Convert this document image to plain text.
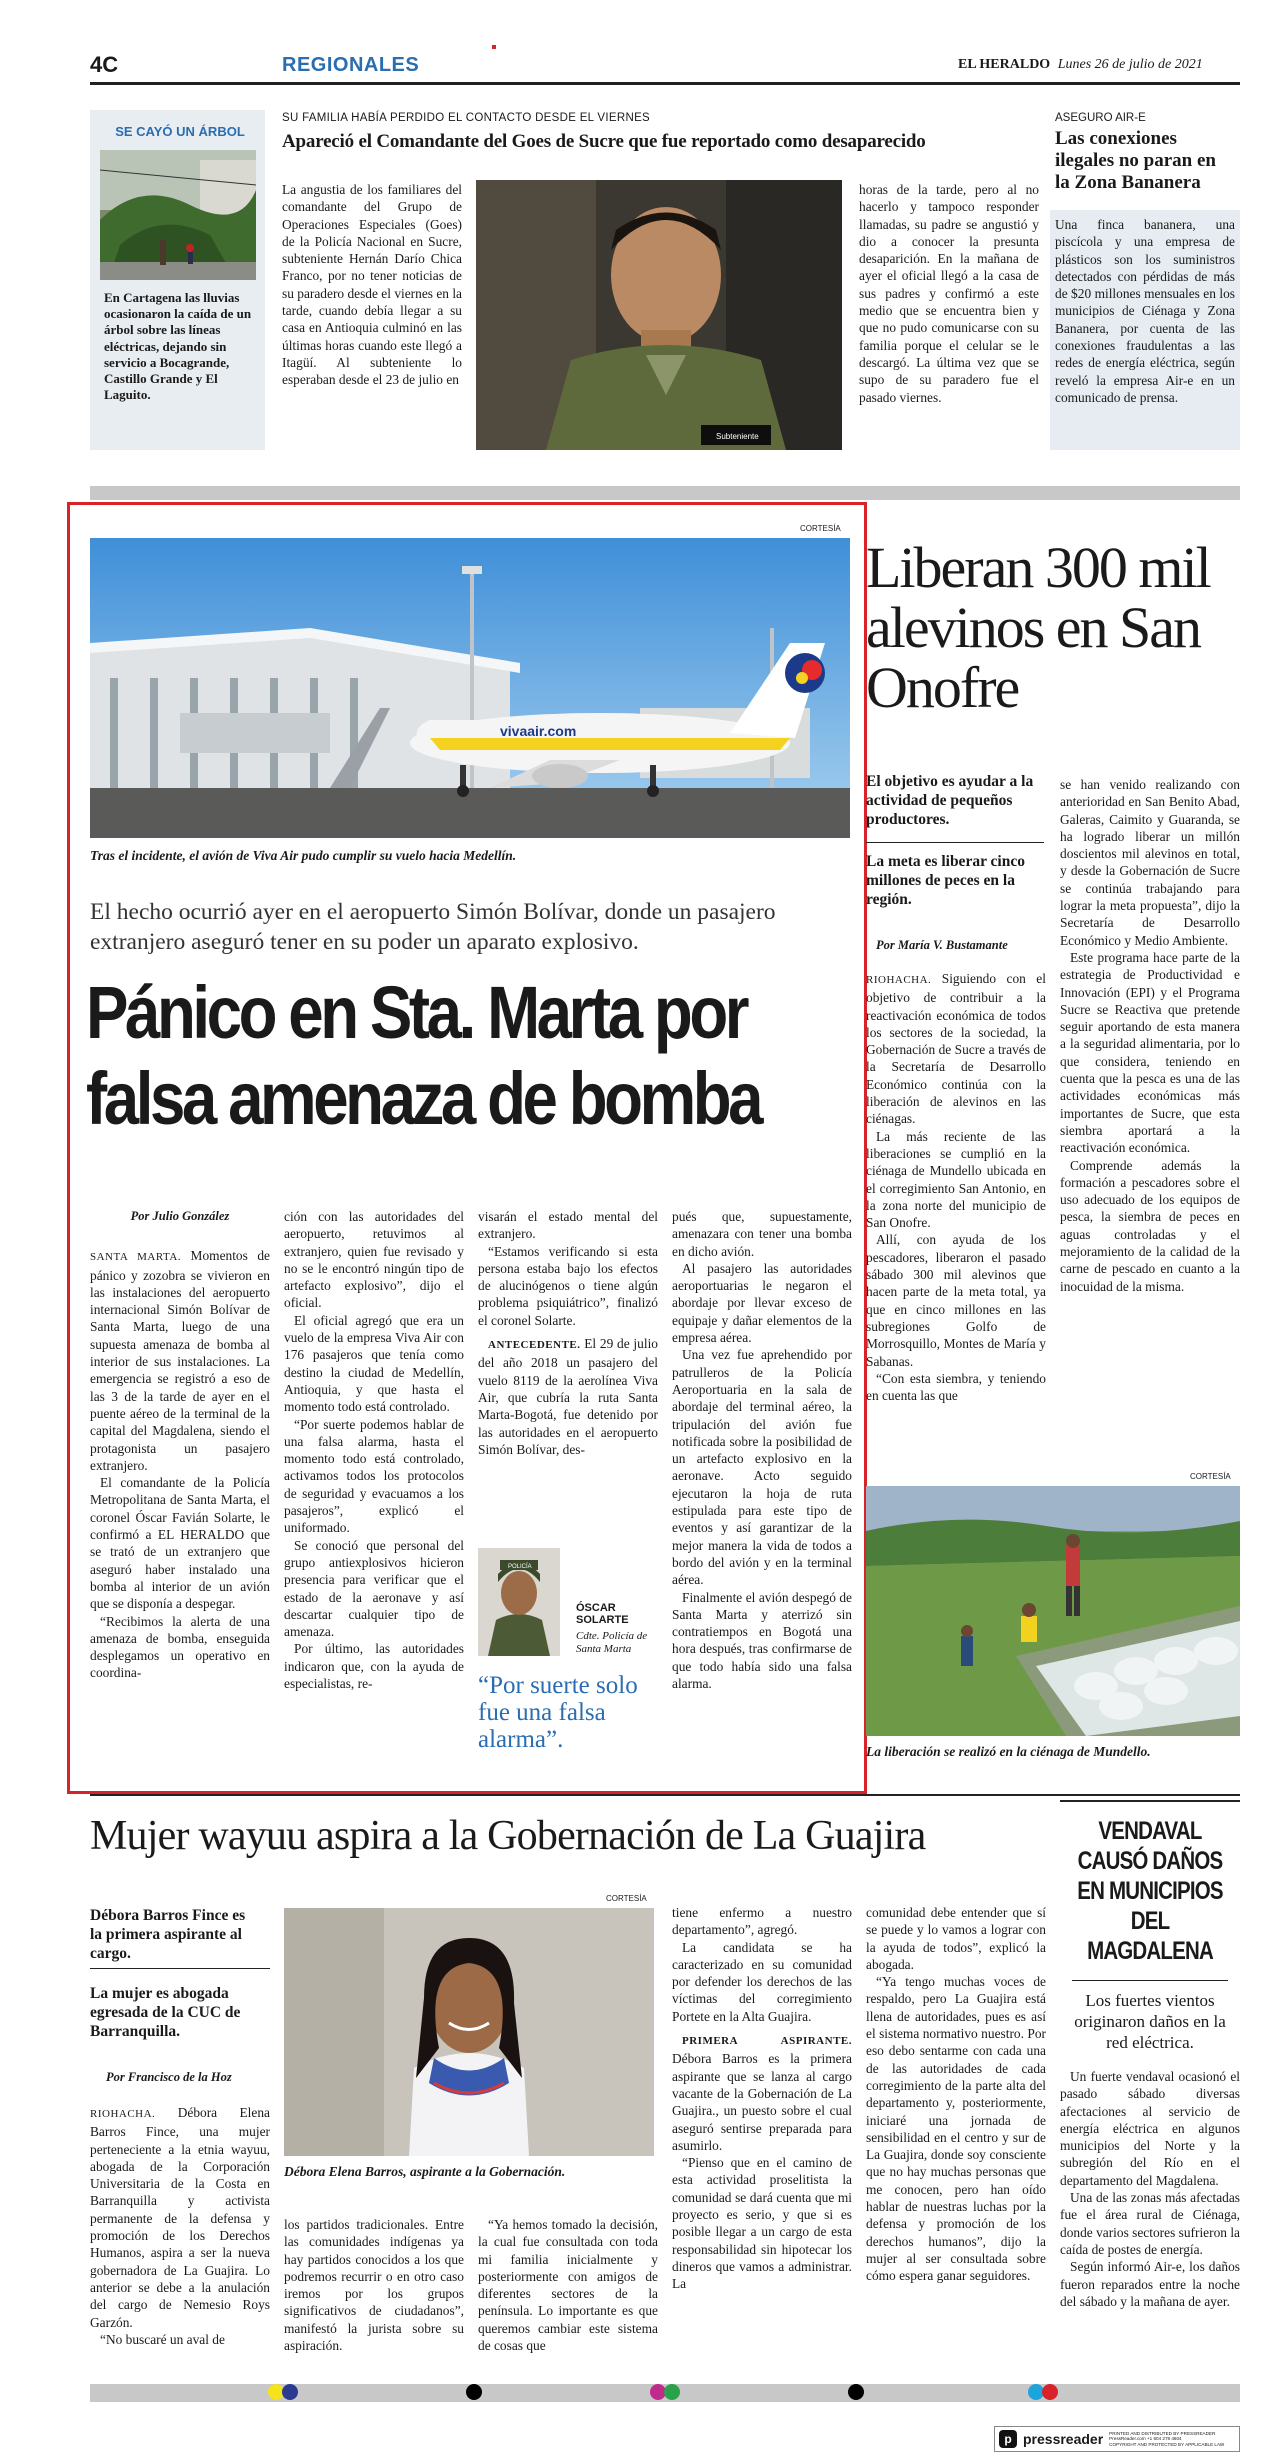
4C	REGIONALES	EL HERALDO Lunes 26 de julio de 2021
SE CAYÓ UN ÁRBOL
En Cartagena las lluvias ocasionaron la caída de un árbol sobre las líneas eléctricas, dejando sin servicio a Bocagrande, Castillo Grande y El Laguito.
SU FAMILIA HABÍA PERDIDO EL CONTACTO DESDE EL VIERNES
Apareció el Comandante del Goes de Sucre que fue reportado como desaparecido

La angustia de los familiares del comandante del Grupo de Operaciones Especiales (Goes) de la Policía Nacional en Sucre, subteniente Hernán Darío Chica Franco, por no tener noticias de su paradero desde el viernes en la tarde, cuando debía llegar a su casa en Antioquia culminó en las últimas horas cuando este llegó a Itagüí. Al subteniente lo esperaban desde el 23 de julio en

Subteniente

horas de la tarde, pero al no hacerlo y tampoco responder llamadas, su padre se angustió y dio a conocer la presunta desaparición. En la mañana de ayer el oficial llegó a la casa de sus padres y confirmó a este medio que se encuentra bien y que no pudo comunicarse con su familia porque el celular se le descargó. La última vez que se supo de su paradero fue el pasado viernes.

ASEGURO AIR-E
Las conexiones ilegales no paran en la Zona Bananera

Una finca bananera, una piscícola y una empresa de plásticos son los suministros detectados con pérdidas de más de $20 millones mensuales en los municipios de Ciénaga y Zona Bananera, por cuenta de las conexiones fraudulentas a las redes de energía eléctrica, según reveló la empresa Air-e en un comunicado de prensa.

CORTESÍA
vivaair.com
Tras el incidente, el avión de Viva Air pudo cumplir su vuelo hacia Medellín.
El hecho ocurrió ayer en el aeropuerto Simón Bolívar, donde un pasajero extranjero aseguró tener en su poder un aparato explosivo.
Pánico en Sta. Marta por
falsa amenaza de bomba

Por Julio González

SANTA MARTA. Momentos de pánico y zozobra se vivieron en las instalaciones del aeropuerto internacional Simón Bolívar de Santa Marta, luego de una supuesta amenaza de bomba al interior de sus instalaciones. La emergencia se registró a eso de las 3 de la tarde de ayer en el puente aéreo de la terminal de la capital del Magdalena, siendo el protagonista un pasajero extranjero.

El comandante de la Policía Metropolitana de Santa Marta, el coronel Óscar Favián Solarte, le confirmó a EL HERALDO que se trató de un extranjero que aseguró haber instalado una bomba al interior de un avión que se disponía a despegar.

“Recibimos la alerta de una amenaza de bomba, enseguida desplegamos un operativo en coordina-

ción con las autoridades del aeropuerto, retuvimos al extranjero, quien fue revisado y no se le encontró ningún tipo de artefacto explosivo”, dijo el oficial.

El oficial agregó que era un vuelo de la empresa Viva Air con 176 pasajeros que tenía como destino la ciudad de Medellín, Antioquia, y que hasta el momento todo está controlado.

“Por suerte podemos hablar de una falsa alarma, hasta el momento todo está controlado, activamos todos los protocolos de seguridad y evacuamos a los pasajeros”, explicó el uniformado.

Se conoció que personal del grupo antiexplosivos hicieron presencia para verificar que el estado de la aeronave y así descartar cualquier tipo de amenaza.

Por último, las autoridades indicaron que, con la ayuda de especialistas, re-

visarán el estado mental del extranjero.

“Estamos verificando si esta persona estaba bajo los efectos de alucinógenos o tiene algún problema psiquiátrico”, finalizó el coronel Solarte.

ANTECEDENTE. El 29 de julio del año 2018 un pasajero del vuelo 8119 de la aerolínea Viva Air, que cubría la ruta Santa Marta-Bogotá, fue detenido por las autoridades en el aeropuerto Simón Bolívar, des-

POLICÍA
ÓSCAR SOLARTE
Cdte. Policía de Santa Marta
“Por suerte solo fue una falsa alarma”.

pués que, supuestamente, amenazara con tener una bomba en dicho avión.

Al pasajero las autoridades aeroportuarias le negaron el abordaje por llevar exceso de equipaje y dañar elementos de la empresa aérea.

Una vez fue aprehendido por patrulleros de la Policía Aeroportuaria en la sala de abordaje del terminal aéreo, la tripulación del avión fue notificada sobre la posibilidad de un artefacto explosivo en la aeronave. Acto seguido ejecutaron la hoja de ruta estipulada para este tipo de eventos y así garantizar de la mejor manera la vida de todos a bordo del avión y en la terminal aérea.

Finalmente el avión despegó de Santa Marta y aterrizó sin contratiempos en Bogotá una hora después, tras confirmarse de que todo había sido una falsa alarma.

Liberan 300 mil alevinos en San Onofre
El objetivo es ayudar a la actividad de pequeños productores.
La meta es liberar cinco millones de peces en la región.
Por María V. Bustamante

RIOHACHA. Siguiendo con el objetivo de contribuir a la reactivación económica de todos los sectores de la sociedad, la Gobernación de Sucre a través de la Secretaría de Desarrollo Económico continúa con la liberación de alevinos en las ciénagas.

La más reciente de las liberaciones se cumplió en la ciénaga de Mundello ubicada en el corregimiento San Antonio, en la zona norte del municipio de San Onofre.

Allí, con ayuda de los pescadores, liberaron el pasado sábado 300 mil alevinos que hacen parte de la meta total, ya que en cinco millones en las subregiones Golfo de Morrosquillo, Montes de María y Sabanas.

“Con esta siembra, y teniendo en cuenta las que

se han venido realizando con anterioridad en San Benito Abad, Galeras, Caimito y Guaranda, se ha logrado liberar un millón doscientos mil alevinos en total, y desde la Gobernación de Sucre se continúa trabajando para lograr la meta propuesta”, dijo la Secretaría de Desarrollo Económico y Medio Ambiente.

Este programa hace parte de la estrategia de Productividad e Innovación (EPI) y el Programa Sucre se Reactiva que pretende seguir aportando de esta manera a la seguridad alimentaria, por lo que considera, teniendo en cuenta que la pesca es una de las actividades económicas más importantes de Sucre, que esta siembra aportará a la reactivación económica.

Comprende además la formación a pescadores sobre el uso adecuado de los equipos de pesca, la siembra de peces en aguas controladas y el mejoramiento de la calidad de la carne de pescado en cuanto a la inocuidad de la misma.

CORTESÍA
La liberación se realizó en la ciénaga de Mundello.
Mujer wayuu aspira a la Gobernación de La Guajira
Débora Barros Fince es la primera aspirante al cargo.
La mujer es abogada egresada de la CUC de Barranquilla.
Por Francisco de la Hoz
CORTESÍA
Débora Elena Barros, aspirante a la Gobernación.

RIOHACHA. Débora Elena Barros Fince, una mujer perteneciente a la etnia wayuu, abogada de la Corporación Universitaria de la Costa en Barranquilla y activista permanente de la defensa y promoción de los Derechos Humanos, aspira a ser la nueva gobernadora de La Guajira. Lo anterior se debe a la anulación del cargo de Nemesio Roys Garzón.

“No buscaré un aval de

los partidos tradicionales. Entre las comunidades indígenas ya hay partidos conocidos a los que podremos recurrir o en otro caso iremos por los grupos significativos de ciudadanos”, manifestó la jurista sobre su aspiración.

“Ya hemos tomado la decisión, la cual fue consultada con toda mi familia inicialmente y posteriormente con amigos de diferentes sectores de la península. Lo importante es que queremos cambiar este sistema de cosas que

tiene enfermo a nuestro departamento”, agregó.

La candidata se ha caracterizado en su comunidad por defender los derechos de las víctimas del corregimiento Portete en la Alta Guajira.

PRIMERA ASPIRANTE. Débora Barros es la primera aspirante que se lanza al cargo vacante de la Gobernación de La Guajira., un puesto sobre el cual aseguró sentirse preparada para asumirlo.

“Pienso que en el camino de esta actividad proselitista la comunidad se dará cuenta que mi proyecto es serio, y que si es posible llegar a un cargo de esta responsabilidad sin hipotecar los dineros que vamos a administrar. La

comunidad debe entender que sí se puede y lo vamos a lograr con la ayuda de todos”, explicó la abogada.

“Ya tengo muchas voces de respaldo, pero La Guajira está llena de autoridades, pues es así el sistema normativo nuestro. Por eso debo sentarme con cada una de las autoridades de cada corregimiento de la parte alta del departamento y, posteriormente, iniciaré una jornada de sensibilidad en el centro y sur de La Guajira, donde soy consciente que no hay muchas personas que me conocen, pero han oído hablar de nuestras luchas por la defensa y promoción de los derechos humanos”, dijo la mujer al ser consultada sobre cómo espera ganar seguidores.

VENDAVAL CAUSÓ DAÑOS EN MUNICIPIOS DEL MAGDALENA
Los fuertes vientos originaron daños en la red eléctrica.

Un fuerte vendaval ocasionó el pasado sábado diversas afectaciones al servicio de energía eléctrica en algunos municipios del Norte y la subregión del Río en el departamento del Magdalena.

Una de las zonas más afectadas fue el área rural de Ciénaga, donde varios sectores sufrieron la caída de postes de energía.

Según informó Air-e, los daños fueron reparados entre la noche del sábado y la mañana de ayer.

p pressreader PRINTED AND DISTRIBUTED BY PRESSREADER
PressReader.com +1 604 278 4604
COPYRIGHT AND PROTECTED BY APPLICABLE LAW
